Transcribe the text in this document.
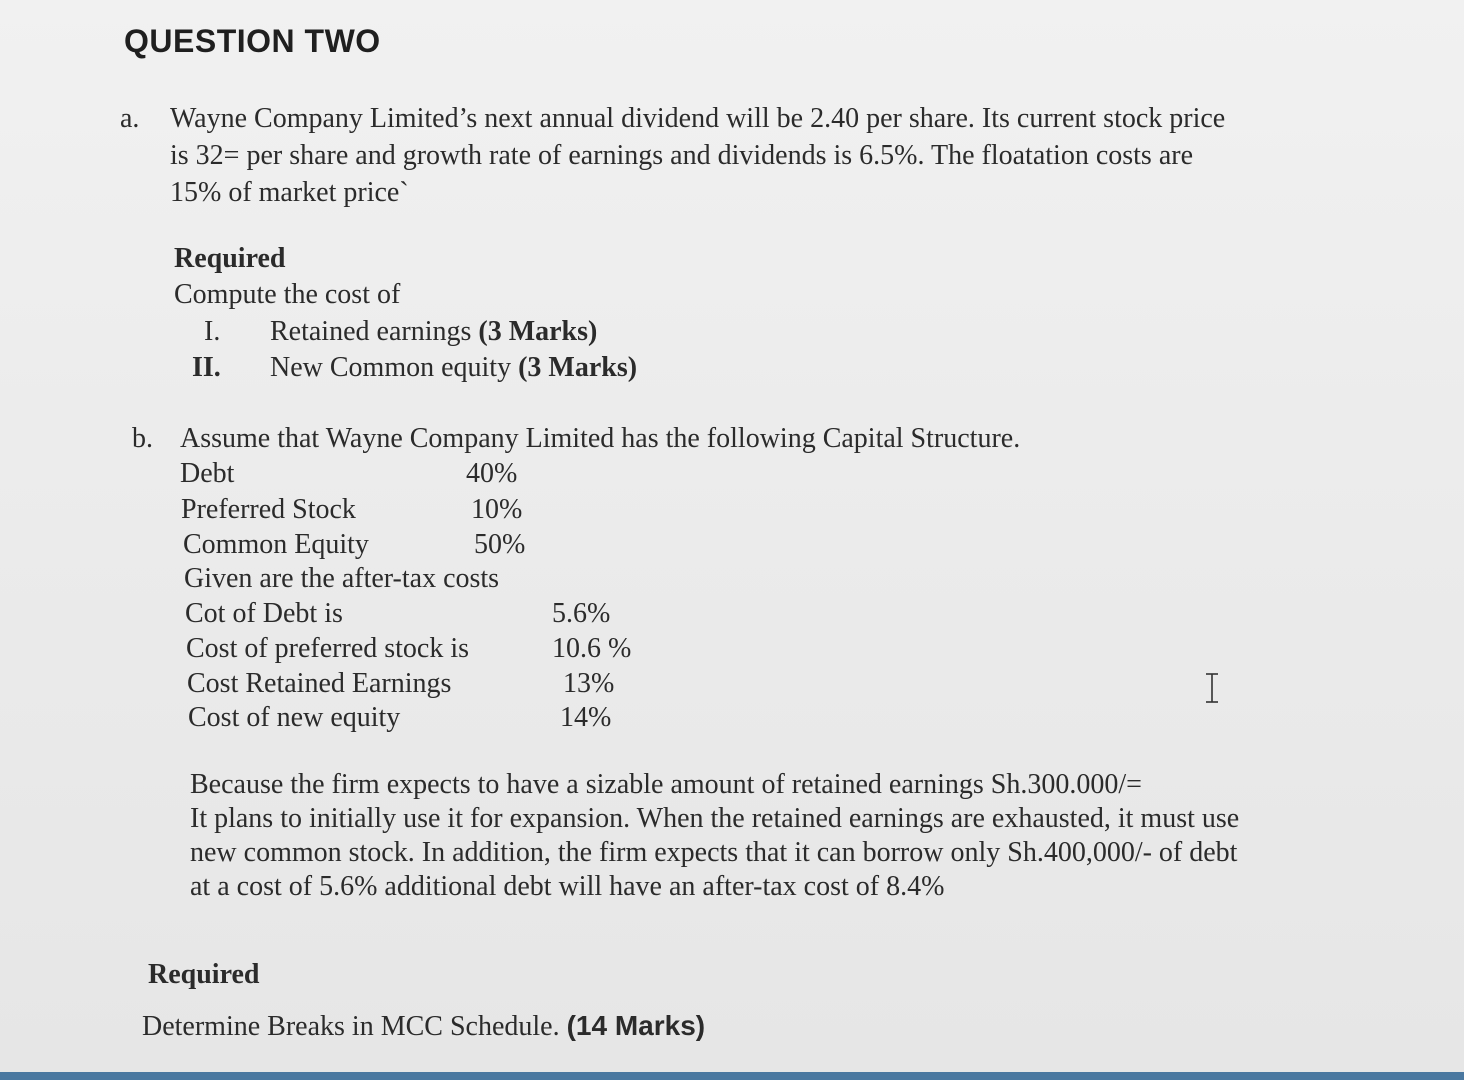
QUESTION TWO
a. Wayne Company Limited’s next annual dividend will be 2.40 per share. Its current stock price
is 32= per share and growth rate of earnings and dividends is 6.5%. The floatation costs are
15% of market price`
Required
Compute the cost of
I. Retained earnings (3 Marks)
II. New Common equity (3 Marks)
b. Assume that Wayne Company Limited has the following Capital Structure.
Debt	40%
Preferred Stock	10%
Common Equity	50%
Given are the after-tax costs
Cot of Debt is	5.6%
Cost of preferred stock is	10.6 %
Cost Retained Earnings	13%
Cost of new equity	14%
Because the firm expects to have a sizable amount of retained earnings Sh.300.000/=
It plans to initially use it for expansion. When the retained earnings are exhausted, it must use
new common stock. In addition, the firm expects that it can borrow only Sh.400,000/- of debt
at a cost of 5.6% additional debt will have an after-tax cost of 8.4%
Required
Determine Breaks in MCC Schedule. (14 Marks)
